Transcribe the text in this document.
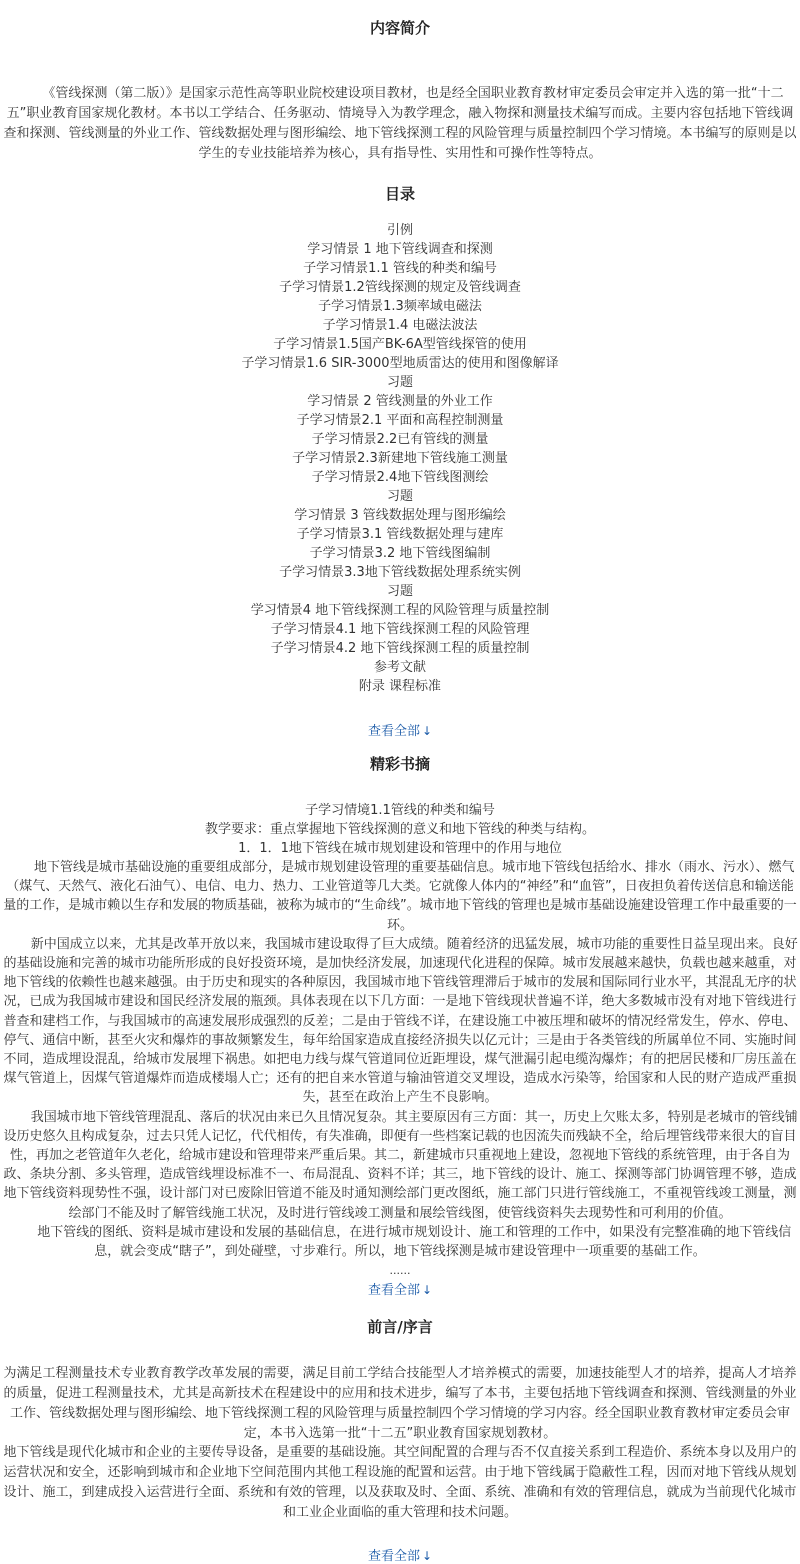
内容简介

《管线探测（第二版）》是国家示范性高等职业院校建设项目教材，也是经全国职业教育教材审定委员会审定并入选的第一批“十二五”职业教育国家规化教材。本书以工学结合、任务驱动、情境导入为教学理念，融入物探和测量技术编写而成。主要内容包括地下管线调查和探测、管线测量的外业工作、管线数据处理与图形编绘、地下管线探测工程的风险管理与质量控制四个学习情境。本书编写的原则是以学生的专业技能培养为核心，具有指导性、实用性和可操作性等特点。

目录
引例
学习情景 1 地下管线调查和探测
子学习情景1.1 管线的种类和编号
子学习情景1.2管线探测的规定及管线调查
子学习情景1.3频率域电磁法
子学习情景1.4 电磁法波法
子学习情景1.5国产BK-6A型管线探管的使用
子学习情景1.6 SIR-3000型地质雷达的使用和图像解译
习题
学习情景 2 管线测量的外业工作
子学习情景2.1 平面和高程控制测量
子学习情景2.2已有管线的测量
子学习情景2.3新建地下管线施工测量
子学习情景2.4地下管线图测绘
习题
学习情景 3 管线数据处理与图形编绘
子学习情景3.1 管线数据处理与建库
子学习情景3.2 地下管线图编制
子学习情景3.3地下管线数据处理系统实例
习题
学习情景4 地下管线探测工程的风险管理与质量控制
子学习情景4.1 地下管线探测工程的风险管理
子学习情景4.2 地下管线探测工程的质量控制
参考文献
附录 课程标准
查看全部 ↓
精彩书摘
子学习情境1.1管线的种类和编号
教学要求：重点掌握地下管线探测的意义和地下管线的种类与结构。
1．1．1地下管线在城市规划建设和管理中的作用与地位

地下管线是城市基础设施的重要组成部分，是城市规划建设管理的重要基础信息。城市地下管线包括给水、排水（雨水、污水）、燃气（煤气、天然气、液化石油气）、电信、电力、热力、工业管道等几大类。它就像人体内的“神经”和“血管”，日夜担负着传送信息和输送能量的工作，是城市赖以生存和发展的物质基础，被称为城市的“生命线”。城市地下管线的管理也是城市基础设施建设管理工作中最重要的一环。

新中国成立以来，尤其是改革开放以来，我国城市建设取得了巨大成绩。随着经济的迅猛发展，城市功能的重要性日益呈现出来。良好的基础设施和完善的城市功能所形成的良好投资环境，是加快经济发展，加速现代化进程的保障。城市发展越来越快，负载也越来越重，对地下管线的依赖性也越来越强。由于历史和现实的各种原因，我国城市地下管线管理滞后于城市的发展和国际同行业水平，其混乱无序的状况，已成为我国城市建设和国民经济发展的瓶颈。具体表现在以下几方面：一是地下管线现状普遍不详，绝大多数城市没有对地下管线进行普查和建档工作，与我国城市的高速发展形成强烈的反差；二是由于管线不详，在建设施工中被压埋和破坏的情况经常发生，停水、停电、停气、通信中断，甚至火灾和爆炸的事故频繁发生，每年给国家造成直接经济损失以亿元计；三是由于各类管线的所属单位不同、实施时间不同，造成埋设混乱，给城市发展埋下祸患。如把电力线与煤气管道同位近距埋设，煤气泄漏引起电缆沟爆炸；有的把居民楼和厂房压盖在煤气管道上，因煤气管道爆炸而造成楼塌人亡；还有的把自来水管道与输油管道交叉埋设，造成水污染等，给国家和人民的财产造成严重损失，甚至在政治上产生不良影响。

我国城市地下管线管理混乱、落后的状况由来已久且情况复杂。其主要原因有三方面：其一，历史上欠账太多，特别是老城市的管线铺设历史悠久且构成复杂，过去只凭人记忆，代代相传，有失准确，即便有一些档案记载的也因流失而残缺不全，给后埋管线带来很大的盲目性，再加之老管道年久老化，给城市建设和管理带来严重后果。其二，新建城市只重视地上建设，忽视地下管线的系统管理，由于各自为政、条块分割、多头管理，造成管线埋设标准不一、布局混乱、资料不详；其三，地下管线的设计、施工、探测等部门协调管理不够，造成地下管线资料现势性不强，设计部门对已废除旧管道不能及时通知测绘部门更改图纸，施工部门只进行管线施工，不重视管线竣工测量，测绘部门不能及时了解管线施工状况，及时进行管线竣工测量和展绘管线图，使管线资料失去现势性和可利用的价值。

地下管线的图纸、资料是城市建设和发展的基础信息，在进行城市规划设计、施工和管理的工作中，如果没有完整准确的地下管线信息，就会变成“瞎子”，到处碰壁，寸步难行。所以，地下管线探测是城市建设管理中一项重要的基础工作。

......
查看全部 ↓
前言/序言

为满足工程测量技术专业教育教学改革发展的需要，满足目前工学结合技能型人才培养模式的需要，加速技能型人才的培养，提高人才培养的质量，促进工程测量技术，尤其是高新技术在程建设中的应用和技术进步，编写了本书，主要包括地下管线调查和探测、管线测量的外业工作、管线数据处理与图形编绘、地下管线探测工程的风险管理与质量控制四个学习情境的学习内容。经全国职业教育教材审定委员会审定，本书入选第一批“十二五”职业教育国家规划教材。

地下管线是现代化城市和企业的主要传导设备，是重要的基础设施。其空间配置的合理与否不仅直接关系到工程造价、系统本身以及用户的运营状况和安全，还影响到城市和企业地下空间范围内其他工程设施的配置和运营。由于地下管线属于隐蔽性工程，因而对地下管线从规划设计、施工，到建成投入运营进行全面、系统和有效的管理，以及获取及时、全面、系统、准确和有效的管理信息，就成为当前现代化城市和工业企业面临的重大管理和技术问题。

查看全部 ↓
